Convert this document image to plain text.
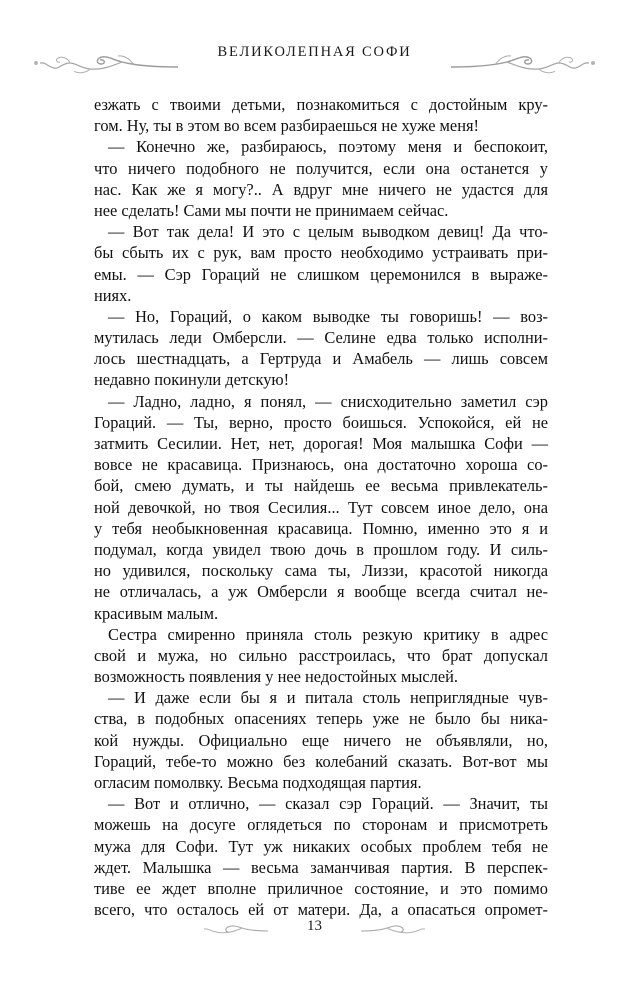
ВЕЛИКОЛЕПНАЯ СОФИ
езжать с твоими детьми, познакомиться с достойным кру-
гом. Ну, ты в этом во всем разбираешься не хуже меня!
— Конечно же, разбираюсь, поэтому меня и беспокоит,
что ничего подобного не получится, если она останется у
нас. Как же я могу?.. А вдруг мне ничего не удастся для
нее сделать! Сами мы почти не принимаем сейчас.
— Вот так дела! И это с целым выводком девиц! Да что-
бы сбыть их с рук, вам просто необходимо устраивать при-
емы. — Сэр Гораций не слишком церемонился в выраже-
ниях.
— Но, Гораций, о каком выводке ты говоришь! — воз-
мутилась леди Омберсли. — Селине едва только исполни-
лось шестнадцать, а Гертруда и Амабель — лишь совсем
недавно покинули детскую!
— Ладно, ладно, я понял, — снисходительно заметил сэр
Гораций. — Ты, верно, просто боишься. Успокойся, ей не
затмить Сесилии. Нет, нет, дорогая! Моя малышка Софи —
вовсе не красавица. Признаюсь, она достаточно хороша со-
бой, смею думать, и ты найдешь ее весьма привлекатель-
ной девочкой, но твоя Сесилия... Тут совсем иное дело, она
у тебя необыкновенная красавица. Помню, именно это я и
подумал, когда увидел твою дочь в прошлом году. И силь-
но удивился, поскольку сама ты, Лиззи, красотой никогда
не отличалась, а уж Омберсли я вообще всегда считал не-
красивым малым.
Сестра смиренно приняла столь резкую критику в адрес
свой и мужа, но сильно расстроилась, что брат допускал
возможность появления у нее недостойных мыслей.
— И даже если бы я и питала столь неприглядные чув-
ства, в подобных опасениях теперь уже не было бы ника-
кой нужды. Официально еще ничего не объявляли, но,
Гораций, тебе-то можно без колебаний сказать. Вот-вот мы
огласим помолвку. Весьма подходящая партия.
— Вот и отлично, — сказал сэр Гораций. — Значит, ты
можешь на досуге оглядеться по сторонам и присмотреть
мужа для Софи. Тут уж никаких особых проблем тебя не
ждет. Малышка — весьма заманчивая партия. В перспек-
тиве ее ждет вполне приличное состояние, и это помимо
всего, что осталось ей от матери. Да, а опасаться опромет-
13
